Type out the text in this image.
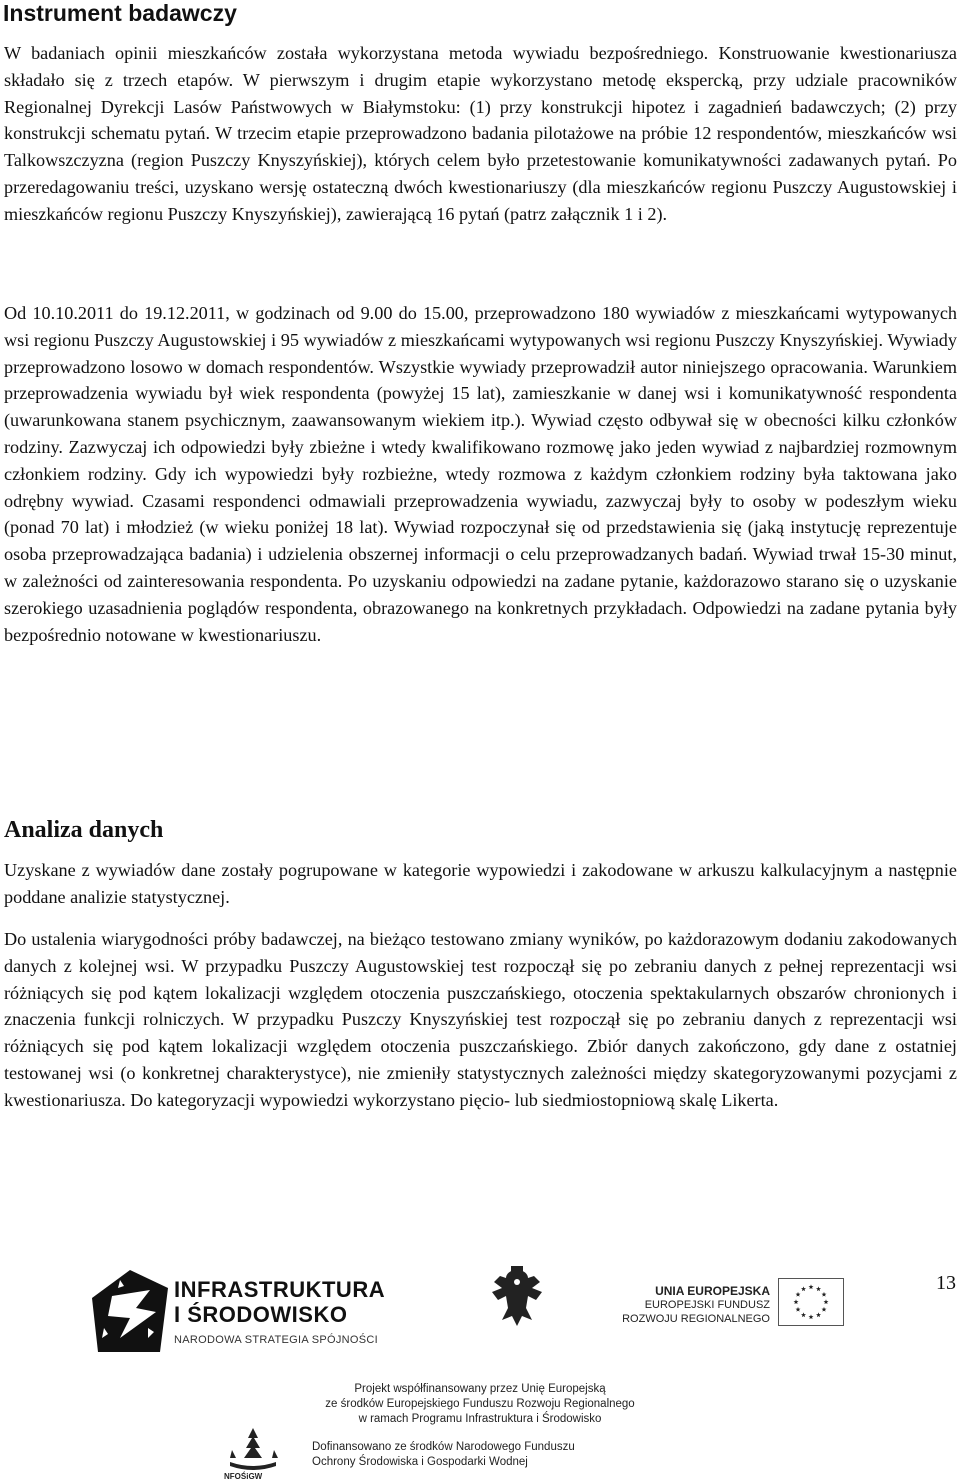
Instrument badawczy

W badaniach opinii mieszkańców została wykorzystana metoda wywiadu bezpośredniego. Konstruowanie kwestionariusza składało się z trzech etapów. W pierwszym i drugim etapie wykorzystano metodę ekspercką, przy udziale pracowników Regionalnej Dyrekcji Lasów Państwowych w Białymstoku: (1) przy konstrukcji hipotez i zagadnień badawczych; (2) przy konstrukcji schematu pytań. W trzecim etapie przeprowadzono badania pilotażowe na próbie 12 respondentów, mieszkańców wsi Talkowszczyzna (region Puszczy Knyszyńskiej), których celem było przetestowanie komunikatywności zadawanych pytań. Po przeredagowaniu treści, uzyskano wersję ostateczną dwóch kwestionariuszy (dla mieszkańców regionu Puszczy Augustowskiej i mieszkańców regionu Puszczy Knyszyńskiej), zawierającą 16 pytań (patrz załącznik 1 i 2).

Od 10.10.2011 do 19.12.2011, w godzinach od 9.00 do 15.00, przeprowadzono 180 wywiadów z mieszkańcami wytypowanych wsi regionu Puszczy Augustowskiej i 95 wywiadów z mieszkańcami wytypowanych wsi regionu Puszczy Knyszyńskiej. Wywiady przeprowadzono losowo w domach respondentów. Wszystkie wywiady przeprowadził autor niniejszego opracowania. Warunkiem przeprowadzenia wywiadu był wiek respondenta (powyżej 15 lat), zamieszkanie w danej wsi i komunikatywność respondenta (uwarunkowana stanem psychicznym, zaawansowanym wiekiem itp.). Wywiad często odbywał się w obecności kilku członków rodziny. Zazwyczaj ich odpowiedzi były zbieżne i wtedy kwalifikowano rozmowę jako jeden wywiad z najbardziej rozmownym członkiem rodziny. Gdy ich wypowiedzi były rozbieżne, wtedy rozmowa z każdym członkiem rodziny była taktowana jako odrębny wywiad. Czasami respondenci odmawiali przeprowadzenia wywiadu, zazwyczaj były to osoby w podeszłym wieku (ponad 70 lat) i młodzież (w wieku poniżej 18 lat). Wywiad rozpoczynał się od przedstawienia się (jaką instytucję reprezentuje osoba przeprowadzająca badania) i udzielenia obszernej informacji o celu przeprowadzanych badań. Wywiad trwał 15-30 minut, w zależności od zainteresowania respondenta. Po uzyskaniu odpowiedzi na zadane pytanie, każdorazowo starano się o uzyskanie szerokiego uzasadnienia poglądów respondenta, obrazowanego na konkretnych przykładach. Odpowiedzi na zadane pytania były bezpośrednio notowane w kwestionariuszu.

Analiza danych

Uzyskane z wywiadów dane zostały pogrupowane w kategorie wypowiedzi i zakodowane w arkuszu kalkulacyjnym a następnie poddane analizie statystycznej.

Do ustalenia wiarygodności próby badawczej, na bieżąco testowano zmiany wyników, po każdorazowym dodaniu zakodowanych danych z kolejnej wsi. W przypadku Puszczy Augustowskiej test rozpoczął się po zebraniu danych z pełnej reprezentacji wsi różniących się pod kątem lokalizacji względem otoczenia puszczańskiego, otoczenia spektakularnych obszarów chronionych i znaczenia funkcji rolniczych. W przypadku Puszczy Knyszyńskiej test rozpoczął się po zebraniu danych z reprezentacji wsi różniących się pod kątem lokalizacji względem otoczenia puszczańskiego. Zbiór danych zakończono, gdy dane z ostatniej testowanej wsi (o konkretnej charakterystyce), nie zmieniły statystycznych zależności między skategoryzowanymi pozycjami z kwestionariusza. Do kategoryzacji wypowiedzi wykorzystano pięcio- lub siedmiostopniową skalę Likerta.

13
INFRASTRUKTURA
I ŚRODOWISKO
NARODOWA STRATEGIA SPÓJNOŚCI
UNIA EUROPEJSKA
EUROPEJSKI FUNDUSZ
ROZWOJU REGIONALNEGO
Projekt współfinansowany przez Unię Europejską
ze środków Europejskiego Funduszu Rozwoju Regionalnego
w ramach Programu Infrastruktura i Środowisko
NFOŚiGW
Dofinansowano ze środków Narodowego Funduszu
Ochrony Środowiska i Gospodarki Wodnej
